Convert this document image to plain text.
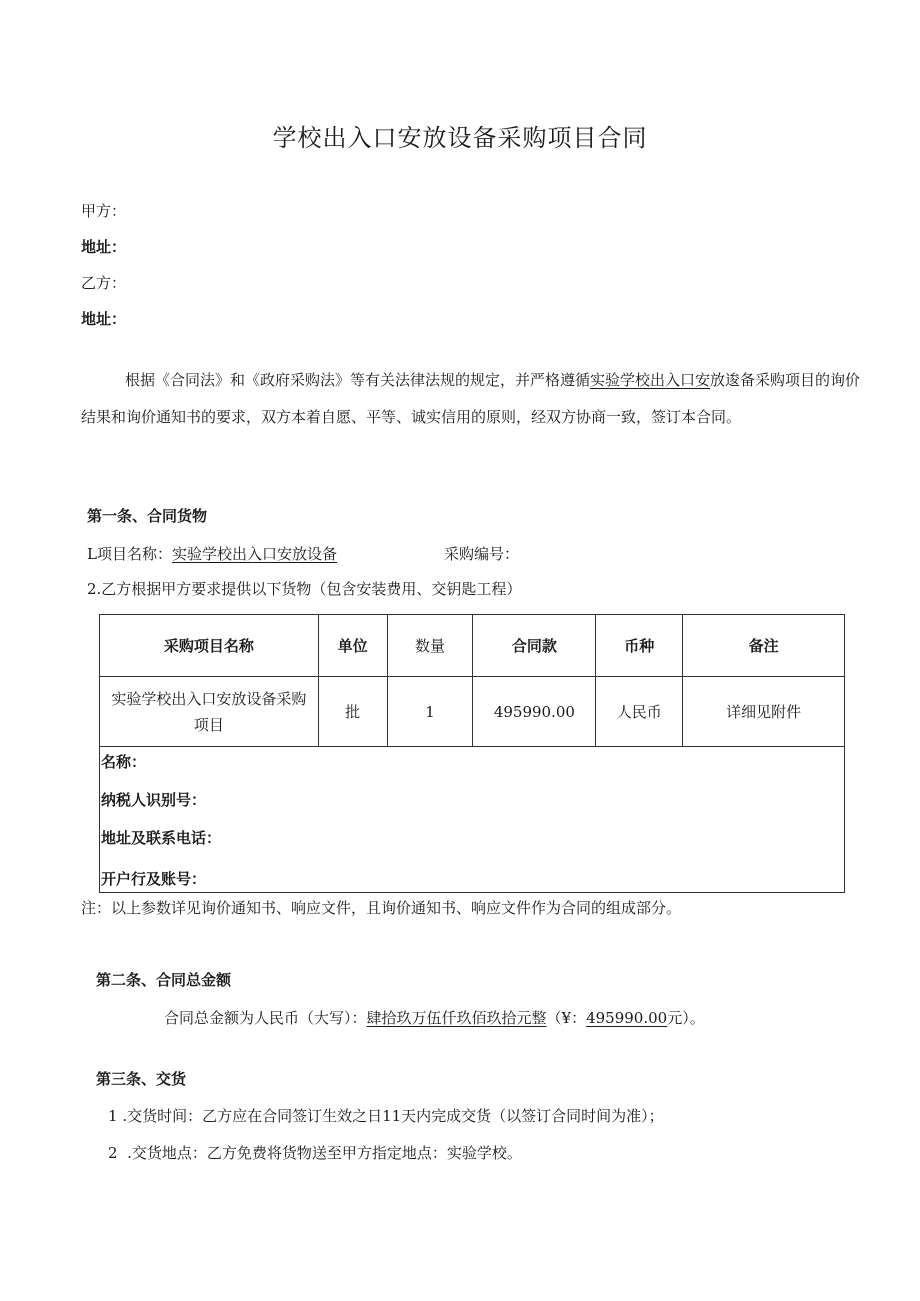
学校出入口安放设备采购项目合同
甲方：
地址：
乙方：
地址：
根据《合同法》和《政府采购法》等有关法律法规的规定，并严格遵循实验学校出入口安放逡备采购项目的询价结果和询价通知书的要求，双方本着自愿、平等、诚实信用的原则，经双方协商一致，签订本合同。
第一条、合同货物
L项目名称：实验学校出入口安放设备	采购编号：
2.乙方根据甲方要求提供以下货物（包含安装费用、交钥匙工程）
采购项目名称	单位	数量	合同款	币种	备注

实验学校出入口安放设备采购项目	批	1	495990.00	人民币	详细见附件
名称：
纳税人识别号：
地址及联系电话：
开户行及账号：
注：以上参数详见询价通知书、响应文件，且询价通知书、响应文件作为合同的组成部分。
第二条、合同总金额
合同总金额为人民币（大写）：肆拾玖万伍仟玖佰玖拾元整（¥：495990.00元）。
第三条、交货
1 .交货时间：乙方应在合同签订生效之日11天内完成交货（以签订合同时间为准）；
2 .交货地点：乙方免费将货物送至甲方指定地点：实验学校。
